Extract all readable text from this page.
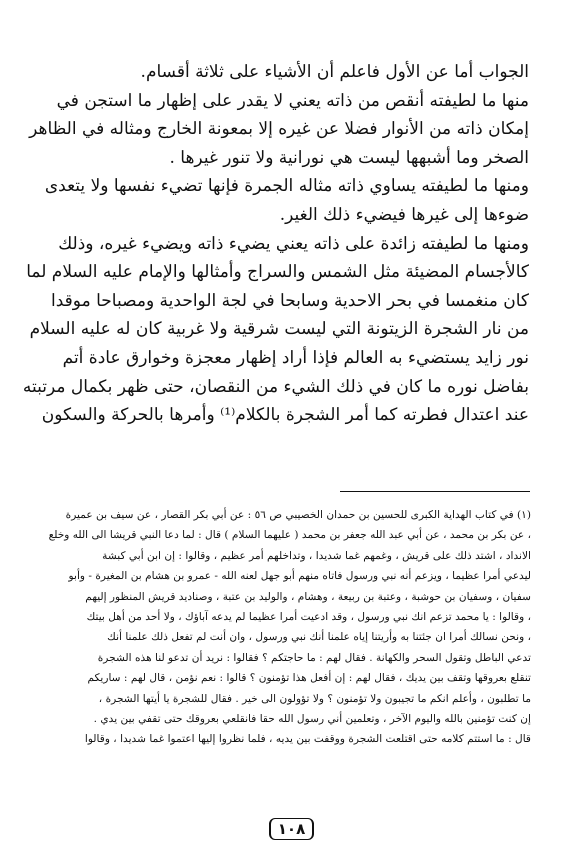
الجواب أما عن الأول فاعلم أن الأشياء على ثلاثة أقسام.

منها ما لطيفته أنقص من ذاته يعني لا يقدر على إظهار ما استجن في
إمكان ذاته من الأنوار فضلا عن غيره إلا بمعونة الخارج ومثاله في الظاهر
الصخر وما أشبهها ليست هي نورانية ولا تنور غيرها .

ومنها ما لطيفته يساوي ذاته مثاله الجمرة فإنها تضيء نفسها ولا يتعدى
ضوءها إلى غيرها فيضيء ذلك الغير.

ومنها ما لطيفته زائدة على ذاته يعني يضيء ذاته ويضيء غيره، وذلك
كالأجسام المضيئة مثل الشمس والسراج وأمثالها والإمام عليه السلام لما
كان منغمسا في بحر الاحدية وسابحا في لجة الواحدية ومصباحا موقدا
من نار الشجرة الزيتونة التي ليست شرقية ولا غربية كان له عليه السلام
نور زايد يستضيء به العالم فإذا أراد إظهار معجزة وخوارق عادة أتم
بفاضل نوره ما كان في ذلك الشيء من النقصان، حتى ظهر بكمال مرتبته
عند اعتدال فطرته كما أمر الشجرة بالكلام⁽¹⁾ وأمرها بالحركة والسكون

(١) في كتاب الهداية الكبرى للحسين بن حمدان الخصيبي ص ٥٦ : عن أبي بكر القصار ، عن سيف بن عميرة
، عن بكر بن محمد ، عن أبي عبد الله جعفر بن محمد ( عليهما السلام ) قال : لما دعا النبي قريشا الى الله وخلع
الانداد ، اشتد ذلك على قريش ، وغمهم غما شديدا ، وتداخلهم أمر عظيم ، وقالوا : إن ابن أبي كبشة
ليدعي أمرا عظيما ، ويزعم أنه نبي ورسول فاتاه منهم أبو جهل لعنه الله - عمرو بن هشام بن المغيرة - وأبو
سفيان ، وسفيان بن حوشبة ، وعتبة بن ربيعة ، وهشام ، والوليد بن عتبة ، وصناديد قريش المنظور إليهم
، وقالوا : يا محمد تزعم انك نبي ورسول ، وقد ادعيت أمرا عظيما لم يدعه آباؤك ، ولا أحد من أهل بيتك
، ونحن نسالك أمرا ان جئتنا به وأريتنا إياه علمنا أنك نبي ورسول ، وان أنت لم تفعل ذلك علمنا أنك
تدعي الباطل وتقول السحر والكهانة . فقال لهم : ما حاجتكم ؟ فقالوا : نريد أن تدعو لنا هذه الشجرة
تنقلع بعروقها وتقف بين يديك ، فقال لهم : إن أفعل هذا تؤمنون ؟ قالوا : نعم نؤمن ، قال لهم : ساريكم
ما تطلبون ، وأعلم انكم ما تجيبون ولا تؤمنون ؟ ولا تؤولون الى خير . فقال للشجرة يا أيتها الشجرة ،
إن كنت تؤمنين بالله واليوم الآخر ، وتعلمين أني رسول الله حقا فانقلعي بعروقك حتى تقفي بين يدي .
قال : ما استتم كلامه حتى اقتلعت الشجرة ووقفت بين يديه ، فلما نظروا إليها اعتموا غما شديدا ، وقالوا
١٠٨
